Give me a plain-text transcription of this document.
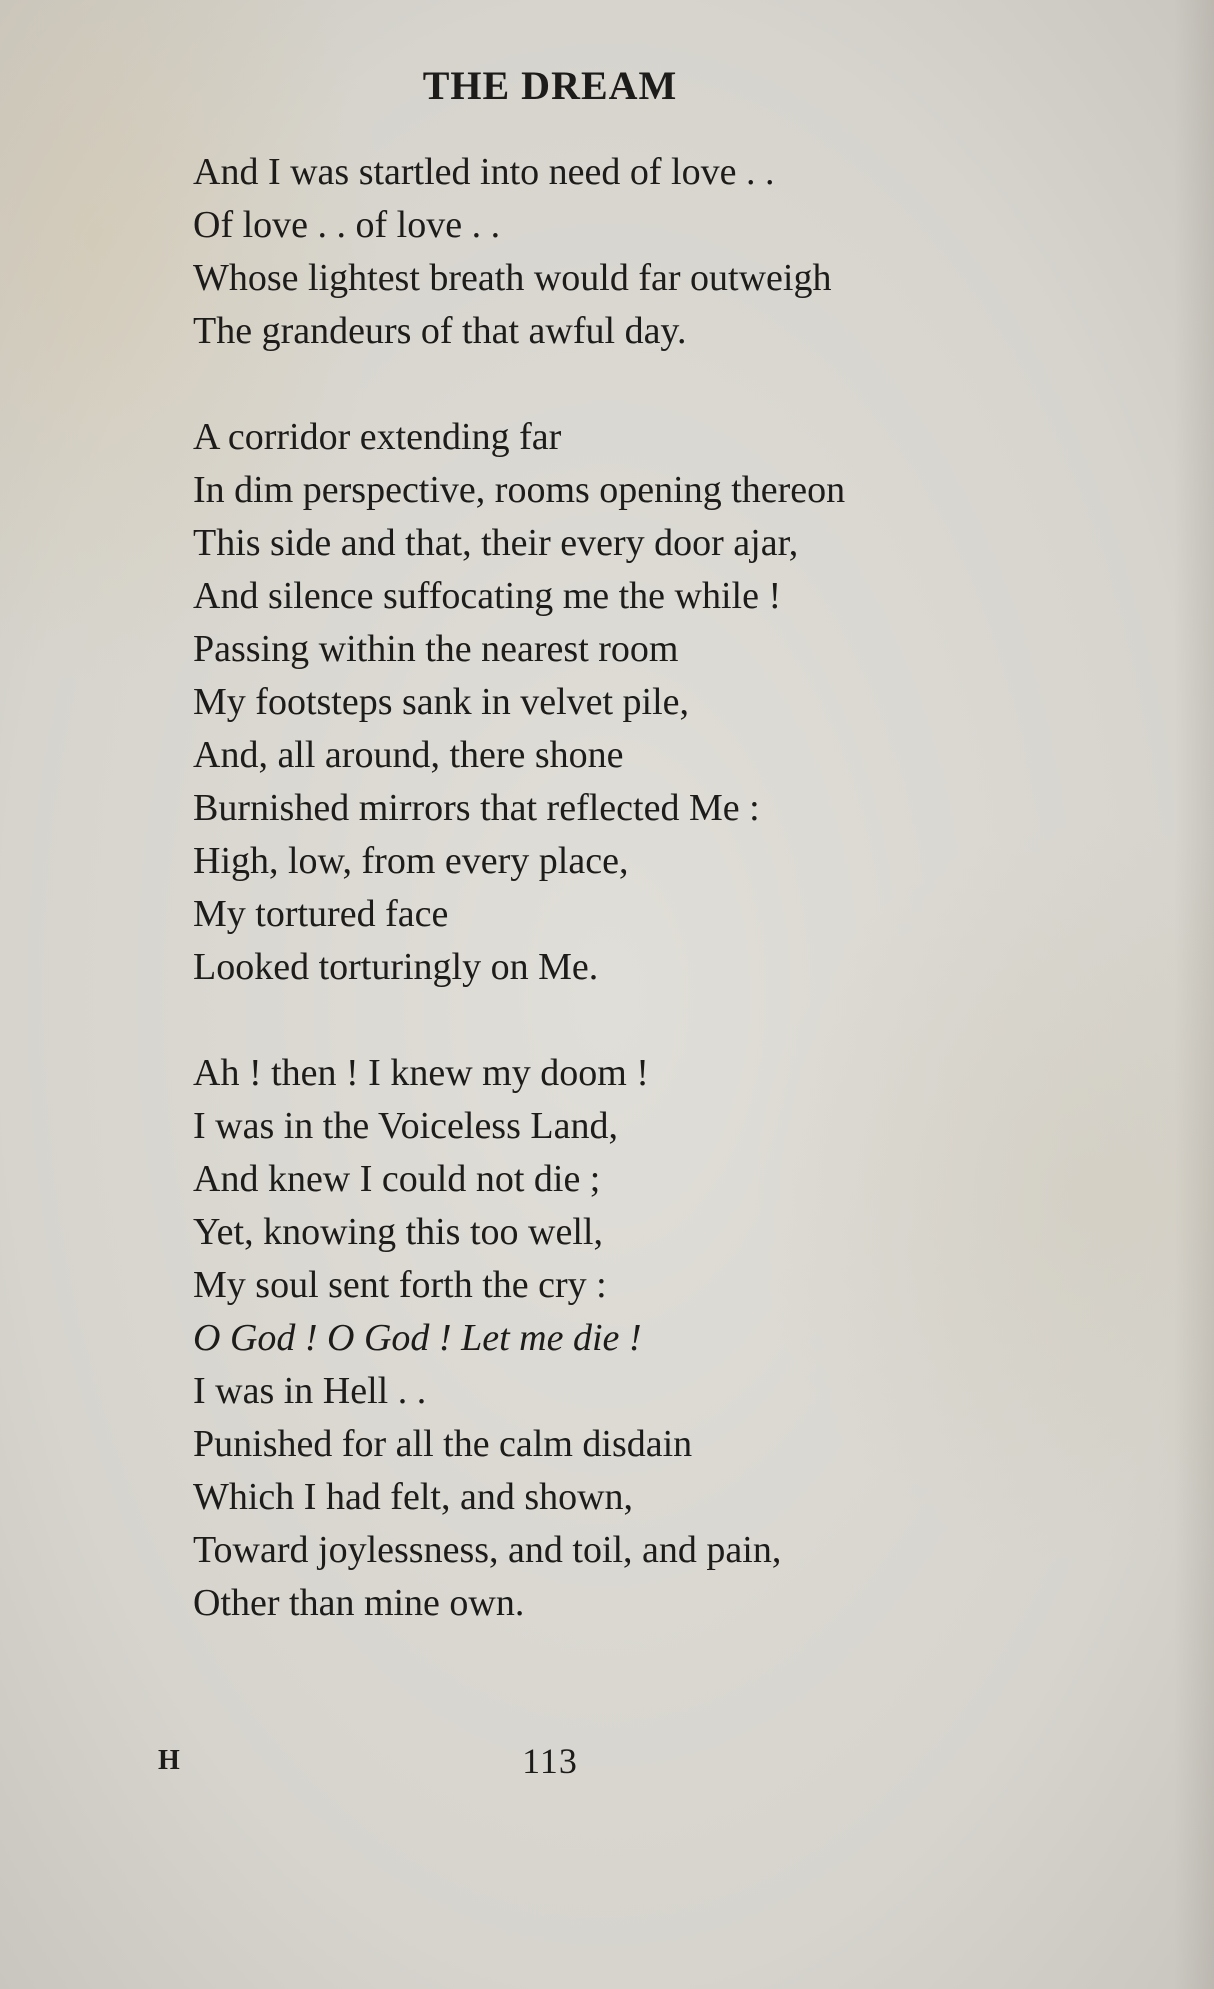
THE DREAM
And I was startled into need of love . .
Of love . . of love . .
Whose lightest breath would far outweigh
The grandeurs of that awful day.
A corridor extending far
In dim perspective, rooms opening thereon
This side and that, their every door ajar,
And silence suffocating me the while !
Passing within the nearest room
My footsteps sank in velvet pile,
And, all around, there shone
Burnished mirrors that reflected Me :
High, low, from every place,
My tortured face
Looked torturingly on Me.
Ah ! then ! I knew my doom !
I was in the Voiceless Land,
And knew I could not die ;
Yet, knowing this too well,
My soul sent forth the cry :
O God ! O God ! Let me die !
I was in Hell . .
Punished for all the calm disdain
Which I had felt, and shown,
Toward joylessness, and toil, and pain,
Other than mine own.
H	113
